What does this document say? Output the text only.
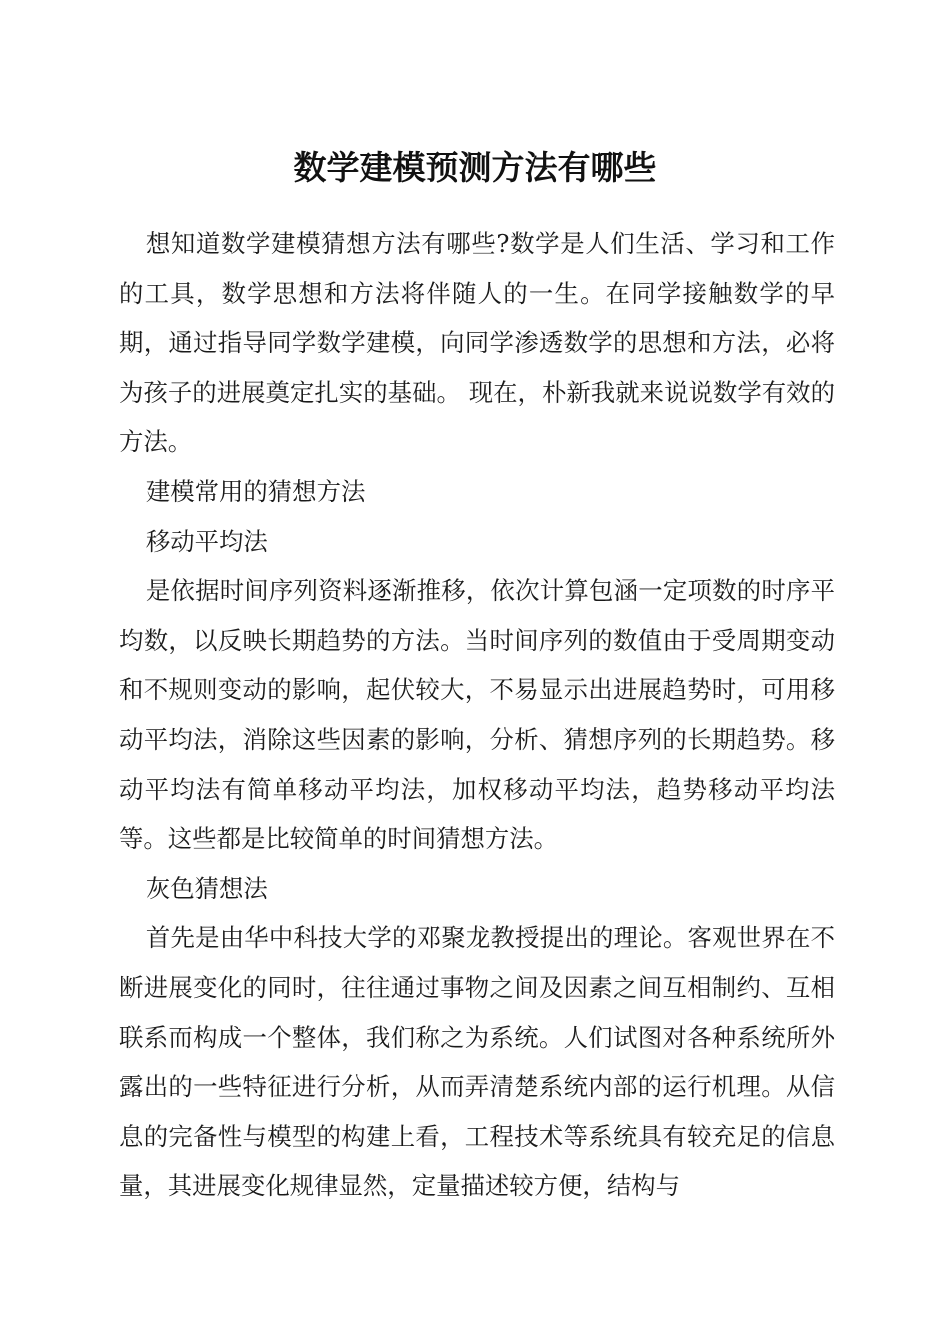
数学建模预测方法有哪些

想知道数学建模猜想方法有哪些?数学是人们生活、学习和工作的工具，数学思想和方法将伴随人的一生。在同学接触数学的早期，通过指导同学数学建模，向同学渗透数学的思想和方法，必将为孩子的进展奠定扎实的基础。 现在，朴新我就来说说数学有效的方法。

建模常用的猜想方法

移动平均法

是依据时间序列资料逐渐推移，依次计算包涵一定项数的时序平均数，以反映长期趋势的方法。当时间序列的数值由于受周期变动和不规则变动的影响，起伏较大，不易显示出进展趋势时，可用移动平均法，消除这些因素的影响，分析、猜想序列的长期趋势。移动平均法有简单移动平均法，加权移动平均法，趋势移动平均法等。这些都是比较简单的时间猜想方法。

灰色猜想法

首先是由华中科技大学的邓聚龙教授提出的理论。客观世界在不断进展变化的同时，往往通过事物之间及因素之间互相制约、互相联系而构成一个整体，我们称之为系统。人们试图对各种系统所外露出的一些特征进行分析，从而弄清楚系统内部的运行机理。从信息的完备性与模型的构建上看，工程技术等系统具有较充足的信息量，其进展变化规律显然，定量描述较方便，结构与
